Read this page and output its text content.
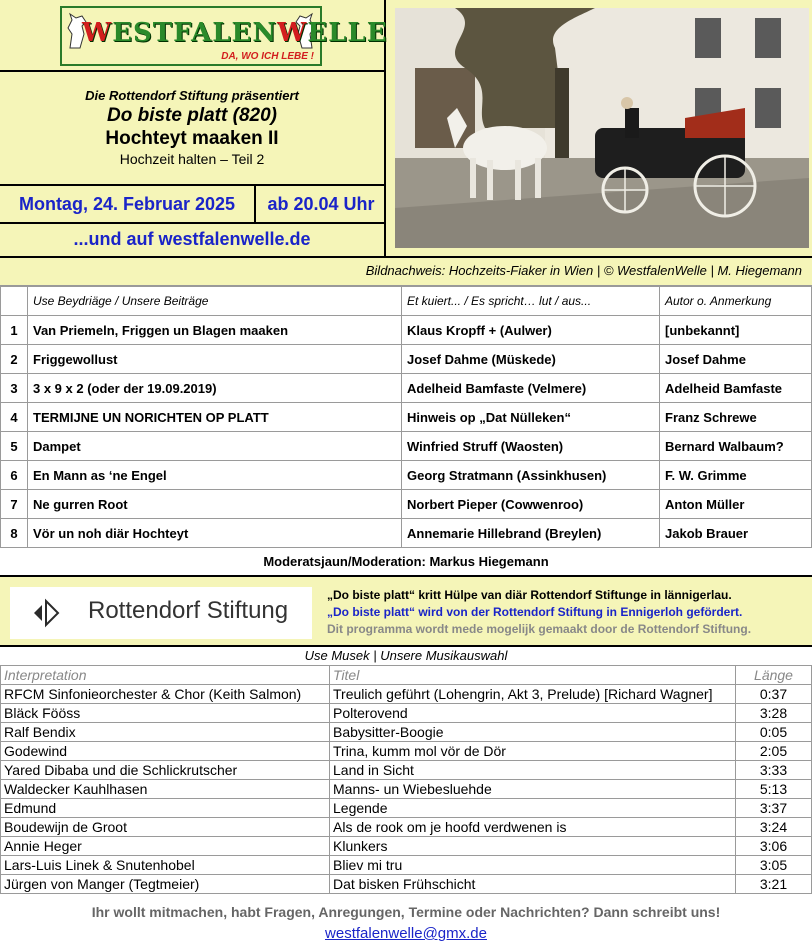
WESTFALENWELLE
DA, WO ICH LEBE !
Die Rottendorf Stiftung präsentiert
Do biste platt (820)
Hochteyt maaken II
Hochzeit halten – Teil 2
Montag, 24. Februar 2025	ab 20.04 Uhr
...und auf westfalenwelle.de
Bildnachweis: Hochzeits-Fiaker in Wien | © WestfalenWelle | M. Hiegemann
	Use Beydriäge / Unsere Beiträge	Et kuiert... / Es spricht… lut / aus...	Autor o. Anmerkung
1	Van Priemeln, Friggen un Blagen maaken	Klaus Kropff + (Aulwer)	[unbekannt]
2	Friggewollust	Josef Dahme (Müskede)	Josef Dahme
3	3 x 9 x 2 (oder der 19.09.2019)	Adelheid Bamfaste (Velmere)	Adelheid Bamfaste
4	TERMIJNE UN NORICHTEN OP PLATT	Hinweis op „Dat Nülleken“	Franz Schrewe
5	Dampet	Winfried Struff (Waosten)	Bernard Walbaum?
6	En Mann as ‘ne Engel	Georg Stratmann (Assinkhusen)	F. W. Grimme
7	Ne gurren Root	Norbert Pieper (Cowwenroo)	Anton Müller
8	Vör un noh diär Hochteyt	Annemarie Hillebrand (Breylen)	Jakob Brauer
Moderatsjaun/Moderation: Markus Hiegemann
Rottendorf Stiftung
„Do biste platt“ kritt Hülpe van diär Rottendorf Stiftunge in lännigerlau.
„Do biste platt“ wird von der Rottendorf Stiftung in Ennigerloh gefördert.
Dit programma wordt mede mogelijk gemaakt door de Rottendorf Stiftung.
Use Musek | Unsere Musikauswahl
Interpretation	Titel	Länge
RFCM Sinfonieorchester & Chor (Keith Salmon)	Treulich geführt (Lohengrin, Akt 3, Prelude) [Richard Wagner]	0:37
Bläck Fööss	Polterovend	3:28
Ralf Bendix	Babysitter-Boogie	0:05
Godewind	Trina, kumm mol vör de Dör	2:05
Yared Dibaba und die Schlickrutscher	Land in Sicht	3:33
Waldecker Kauhlhasen	Manns- un Wiebesluehde	5:13
Edmund	Legende	3:37
Boudewijn de Groot	Als de rook om je hoofd verdwenen is	3:24
Annie Heger	Klunkers	3:06
Lars-Luis Linek & Snutenhobel	Bliev mi tru	3:05
Jürgen von Manger (Tegtmeier)	Dat bisken Frühschicht	3:21
Ihr wollt mitmachen, habt Fragen, Anregungen, Termine oder Nachrichten? Dann schreibt uns!
westfalenwelle@gmx.de
